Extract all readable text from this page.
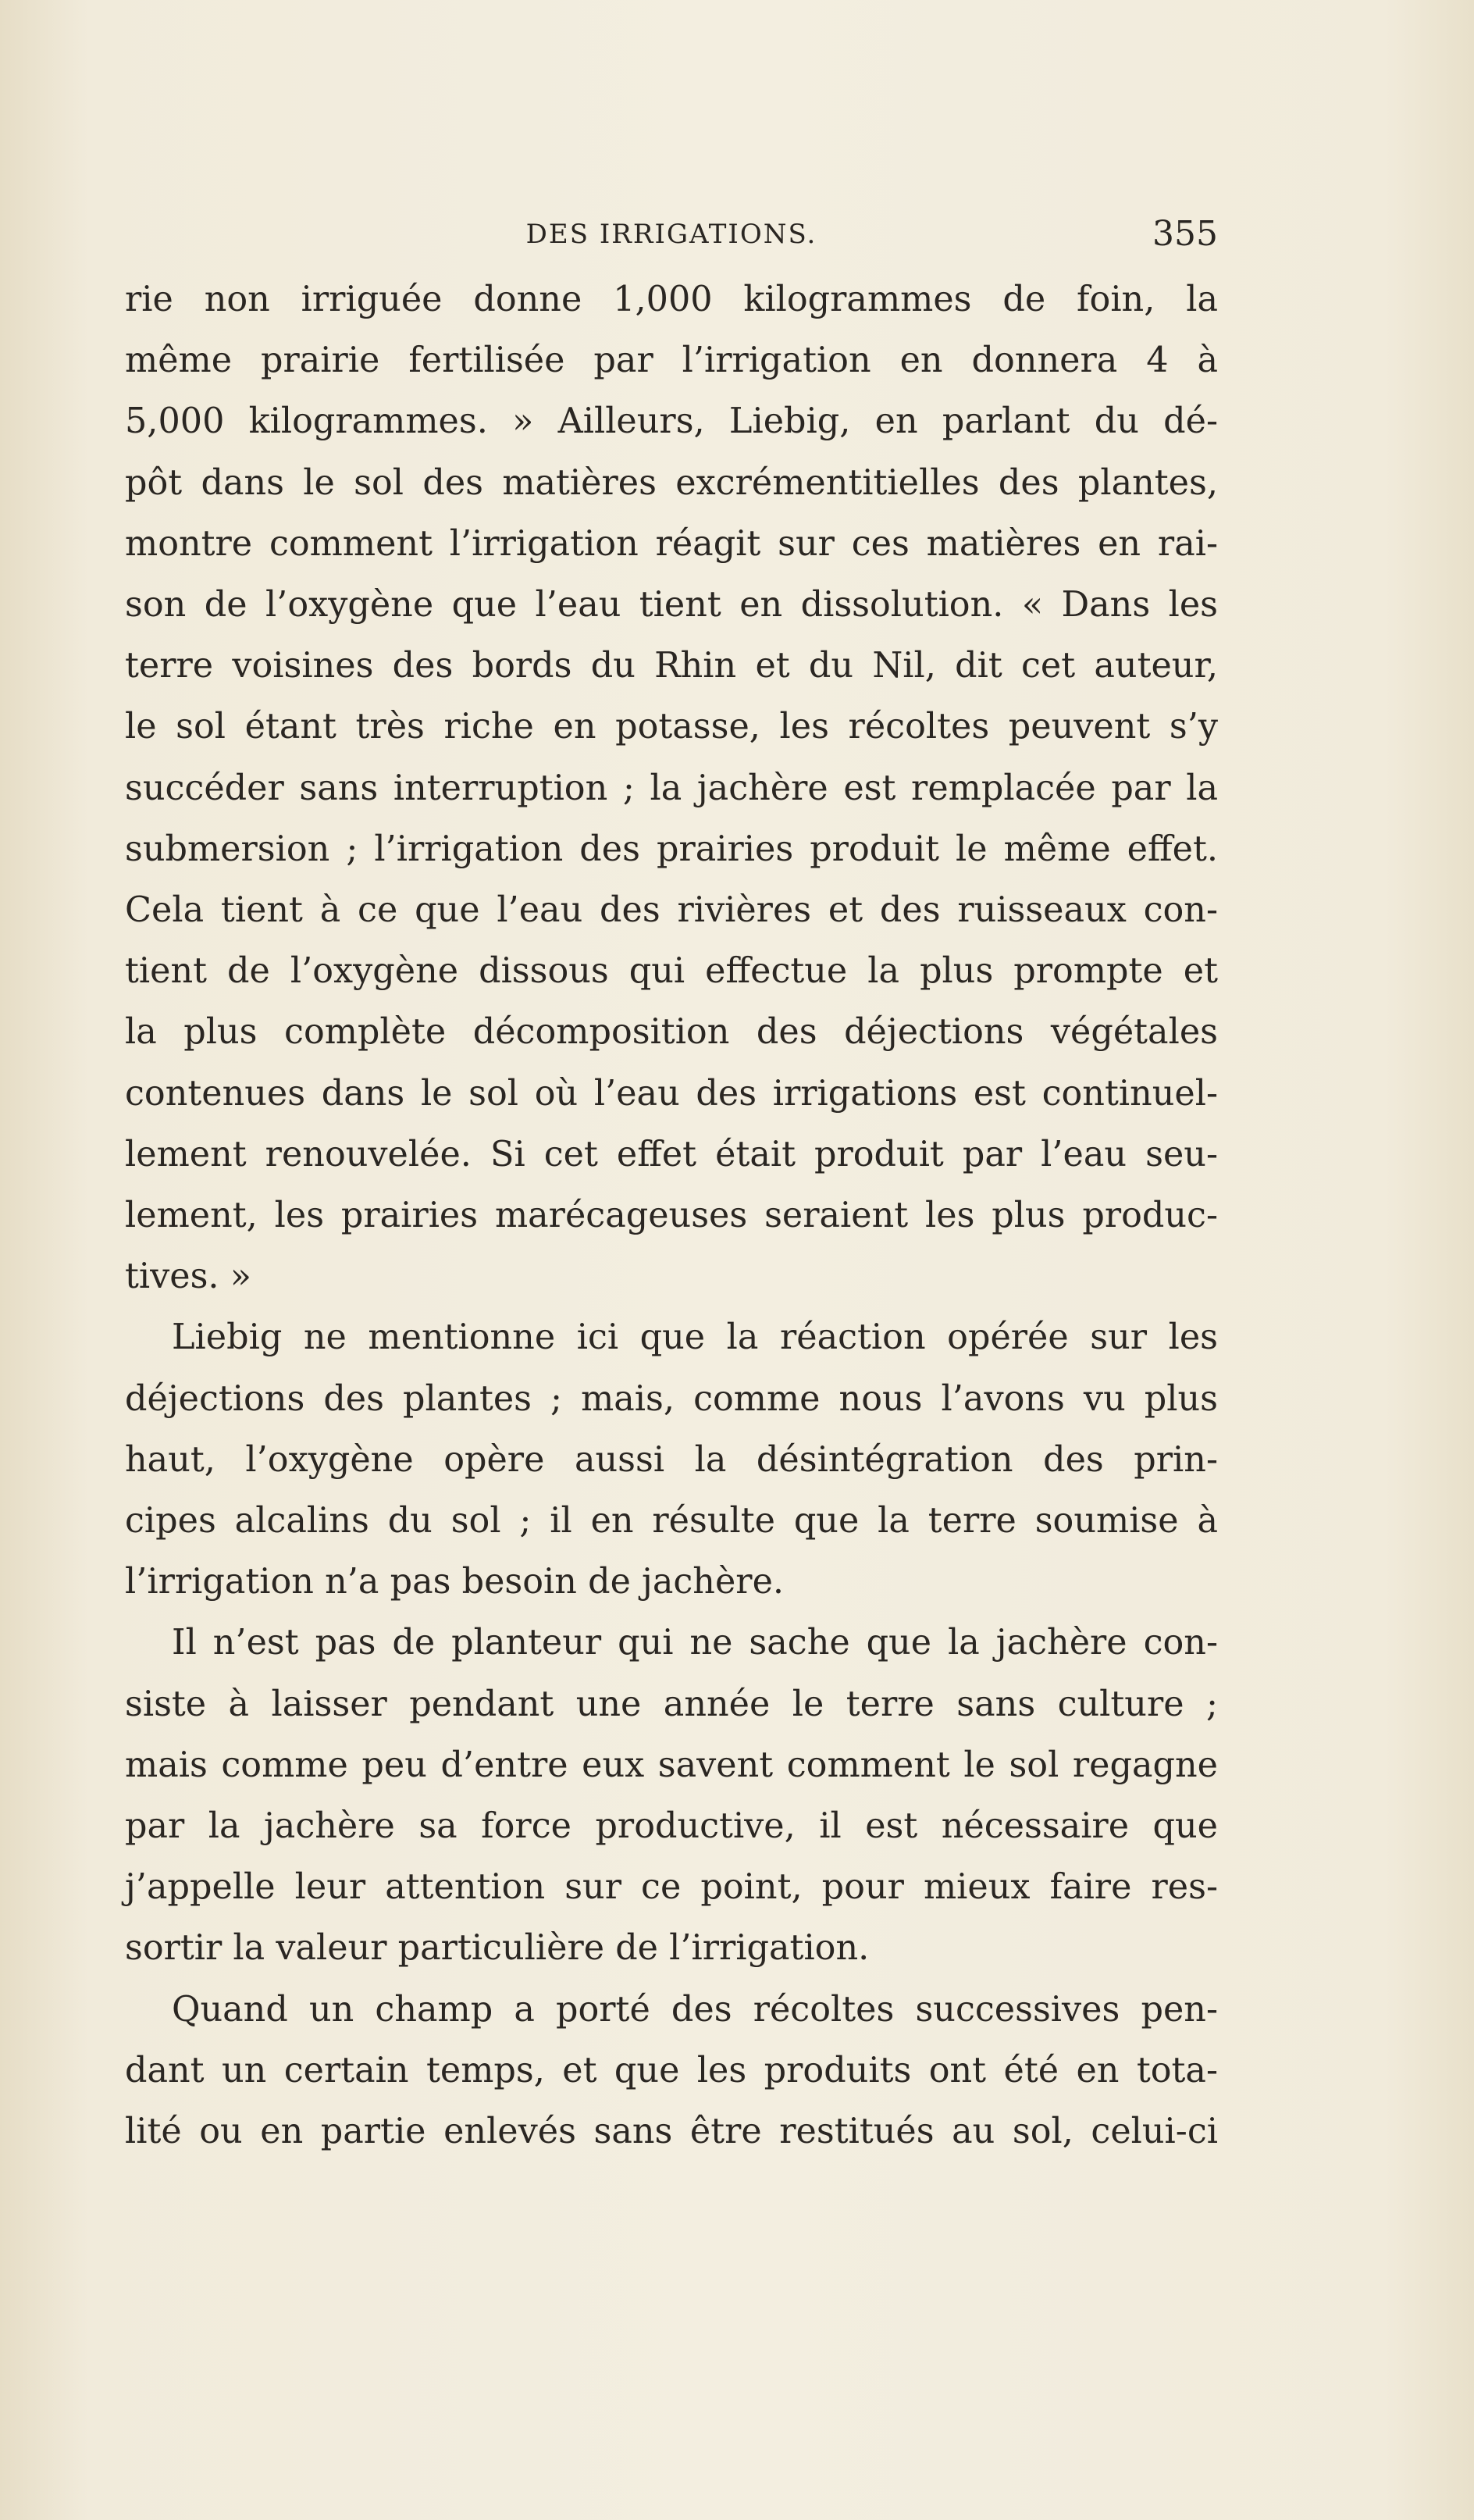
DES IRRIGATIONS.	355
rie non irriguée donne 1,000 kilogrammes de foin, la
même prairie fertilisée par l’irrigation en donnera 4 à
5,000 kilogrammes. » Ailleurs, Liebig, en parlant du dé-
pôt dans le sol des matières excrémentitielles des plantes,
montre comment l’irrigation réagit sur ces matières en rai-
son de l’oxygène que l’eau tient en dissolution. « Dans les
terre voisines des bords du Rhin et du Nil, dit cet auteur,
le sol étant très riche en potasse, les récoltes peuvent s’y
succéder sans interruption ; la jachère est remplacée par la
submersion ; l’irrigation des prairies produit le même effet.
Cela tient à ce que l’eau des rivières et des ruisseaux con-
tient de l’oxygène dissous qui effectue la plus prompte et
la plus complète décomposition des déjections végétales
contenues dans le sol où l’eau des irrigations est continuel-
lement renouvelée. Si cet effet était produit par l’eau seu-
lement, les prairies marécageuses seraient les plus produc-
tives. »
Liebig ne mentionne ici que la réaction opérée sur les
déjections des plantes ; mais, comme nous l’avons vu plus
haut, l’oxygène opère aussi la désintégration des prin-
cipes alcalins du sol ; il en résulte que la terre soumise à
l’irrigation n’a pas besoin de jachère.
Il n’est pas de planteur qui ne sache que la jachère con-
siste à laisser pendant une année le terre sans culture ;
mais comme peu d’entre eux savent comment le sol regagne
par la jachère sa force productive, il est nécessaire que
j’appelle leur attention sur ce point, pour mieux faire res-
sortir la valeur particulière de l’irrigation.
Quand un champ a porté des récoltes successives pen-
dant un certain temps, et que les produits ont été en tota-
lité ou en partie enlevés sans être restitués au sol, celui-ci
